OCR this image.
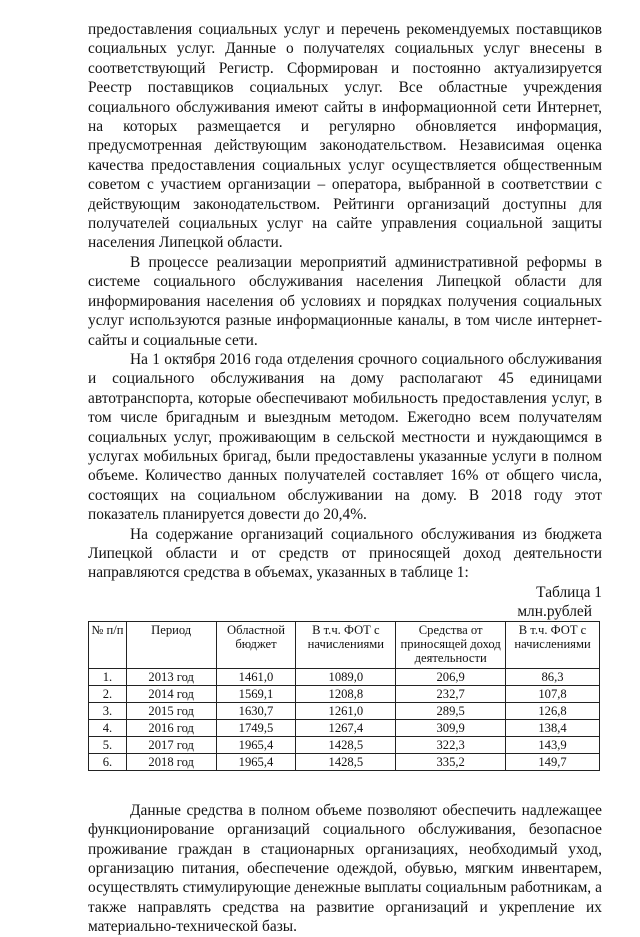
предоставления социальных услуг и перечень рекомендуемых поставщиков социальных услуг. Данные о получателях социальных услуг внесены в соответствующий Регистр. Сформирован и постоянно актуализируется Реестр поставщиков социальных услуг. Все областные учреждения социального обслуживания имеют сайты в информационной сети Интернет, на которых размещается и регулярно обновляется информация, предусмотренная действующим законодательством. Независимая оценка качества предоставления социальных услуг осуществляется общественным советом с участием организации – оператора, выбранной в соответствии с действующим законодательством. Рейтинги организаций доступны для получателей социальных услуг на сайте управления социальной защиты населения Липецкой области.

В процессе реализации мероприятий административной реформы в системе социального обслуживания населения Липецкой области для информирования населения об условиях и порядках получения социальных услуг используются разные информационные каналы, в том числе интернет-сайты и социальные сети.

На 1 октября 2016 года отделения срочного социального обслуживания и социального обслуживания на дому располагают 45 единицами автотранспорта, которые обеспечивают мобильность предоставления услуг, в том числе бригадным и выездным методом. Ежегодно всем получателям социальных услуг, проживающим в сельской местности и нуждающимся в услугах мобильных бригад, были предоставлены указанные услуги в полном объеме. Количество данных получателей составляет 16% от общего числа, состоящих на социальном обслуживании на дому. В 2018 году этот показатель планируется довести до 20,4%.

На содержание организаций социального обслуживания из бюджета Липецкой области и от средств от приносящей доход деятельности направляются средства в объемах, указанных в таблице 1:

Таблица 1

млн.рублей

№ п/п	Период	Областной бюджет	В т.ч. ФОТ с начислениями	Средства от приносящей доход деятельности	В т.ч. ФОТ с начислениями
1.	2013 год	1461,0	1089,0	206,9	86,3
2.	2014 год	1569,1	1208,8	232,7	107,8
3.	2015 год	1630,7	1261,0	289,5	126,8
4.	2016 год	1749,5	1267,4	309,9	138,4
5.	2017 год	1965,4	1428,5	322,3	143,9
6.	2018 год	1965,4	1428,5	335,2	149,7

Данные средства в полном объеме позволяют обеспечить надлежащее функционирование организаций социального обслуживания, безопасное проживание граждан в стационарных организациях, необходимый уход, организацию питания, обеспечение одеждой, обувью, мягким инвентарем, осуществлять стимулирующие денежные выплаты социальным работникам, а также направлять средства на развитие организаций и укрепление их материально-технической базы.
